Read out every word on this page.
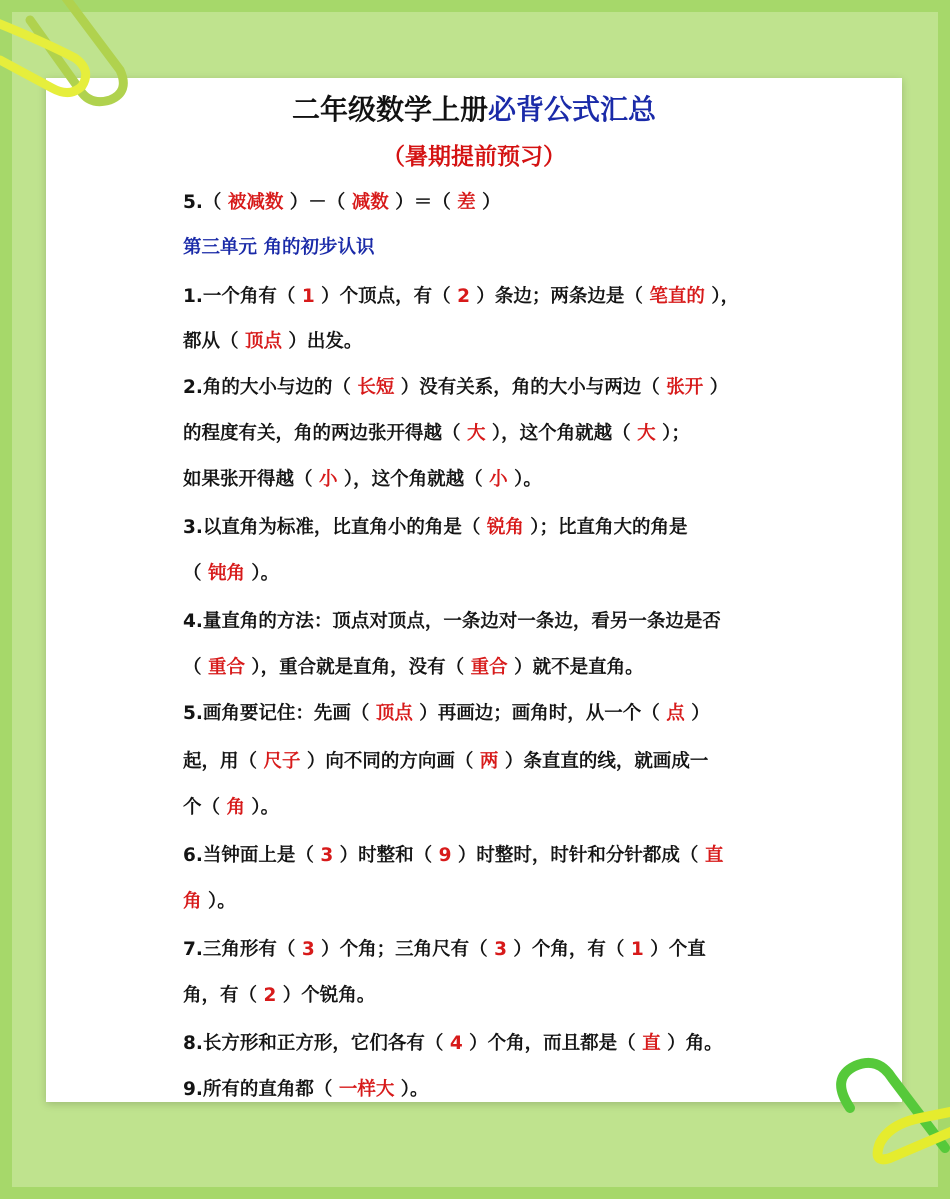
二年级数学上册必背公式汇总
（暑期提前预习）
5.（ 被减数 ）－（ 减数 ）＝（ 差 ）
第三单元 角的初步认识
1.一个角有（ 1 ）个顶点，有（ 2 ）条边；两条边是（ 笔直的 ），
都从（ 顶点 ）出发。
2.角的大小与边的（ 长短 ）没有关系，角的大小与两边（ 张开 ）
的程度有关，角的两边张开得越（ 大 ），这个角就越（ 大 ）；
如果张开得越（ 小 ），这个角就越（ 小 ）。
3.以直角为标准，比直角小的角是（ 锐角 ）；比直角大的角是
（ 钝角 ）。
4.量直角的方法：顶点对顶点，一条边对一条边，看另一条边是否
（ 重合 ），重合就是直角，没有（ 重合 ）就不是直角。
5.画角要记住：先画（ 顶点 ）再画边；画角时，从一个（ 点 ）
起，用（ 尺子 ）向不同的方向画（ 两 ）条直直的线，就画成一
个（ 角 ）。
6.当钟面上是（ 3 ）时整和（ 9 ）时整时，时针和分针都成（ 直
角 ）。
7.三角形有（ 3 ）个角；三角尺有（ 3 ）个角，有（ 1 ）个直
角，有（ 2 ）个锐角。
8.长方形和正方形，它们各有（ 4 ）个角，而且都是（ 直 ）角。
9.所有的直角都（ 一样大 ）。
